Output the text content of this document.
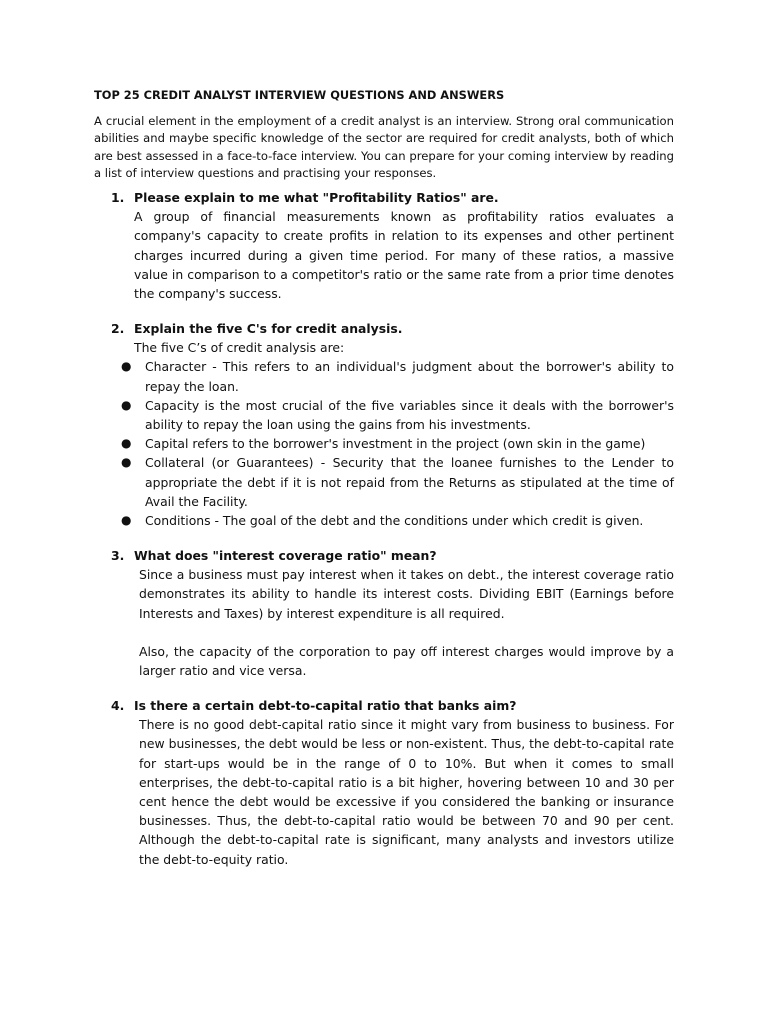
TOP 25 CREDIT ANALYST INTERVIEW QUESTIONS AND ANSWERS

A crucial element in the employment of a credit analyst is an interview. Strong oral communication abilities and maybe specific knowledge of the sector are required for credit analysts, both of which are best assessed in a face-to-face interview. You can prepare for your coming interview by reading a list of interview questions and practising your responses.

1. Please explain to me what "Profitability Ratios" are.

A group of financial measurements known as profitability ratios evaluates a company's capacity to create profits in relation to its expenses and other pertinent charges incurred during a given time period. For many of these ratios, a massive value in comparison to a competitor's ratio or the same rate from a prior time denotes the company's success.

2. Explain the five C's for credit analysis.

The five C’s of credit analysis are:

● Character - This refers to an individual's judgment about the borrower's ability to repay the loan.
● Capacity is the most crucial of the five variables since it deals with the borrower's ability to repay the loan using the gains from his investments.
● Capital refers to the borrower's investment in the project (own skin in the game)
● Collateral (or Guarantees) - Security that the loanee furnishes to the Lender to appropriate the debt if it is not repaid from the Returns as stipulated at the time of Avail the Facility.
● Conditions - The goal of the debt and the conditions under which credit is given.
3. What does "interest coverage ratio" mean?

Since a business must pay interest when it takes on debt., the interest coverage ratio demonstrates its ability to handle its interest costs. Dividing EBIT (Earnings before Interests and Taxes) by interest expenditure is all required.

Also, the capacity of the corporation to pay off interest charges would improve by a larger ratio and vice versa.

4. Is there a certain debt-to-capital ratio that banks aim?

There is no good debt-capital ratio since it might vary from business to business. For new businesses, the debt would be less or non-existent. Thus, the debt-to-capital rate for start-ups would be in the range of 0 to 10%. But when it comes to small enterprises, the debt-to-capital ratio is a bit higher, hovering between 10 and 30 per cent hence the debt would be excessive if you considered the banking or insurance businesses. Thus, the debt-to-capital ratio would be between 70 and 90 per cent. Although the debt-to-capital rate is significant, many analysts and investors utilize the debt-to-equity ratio.
